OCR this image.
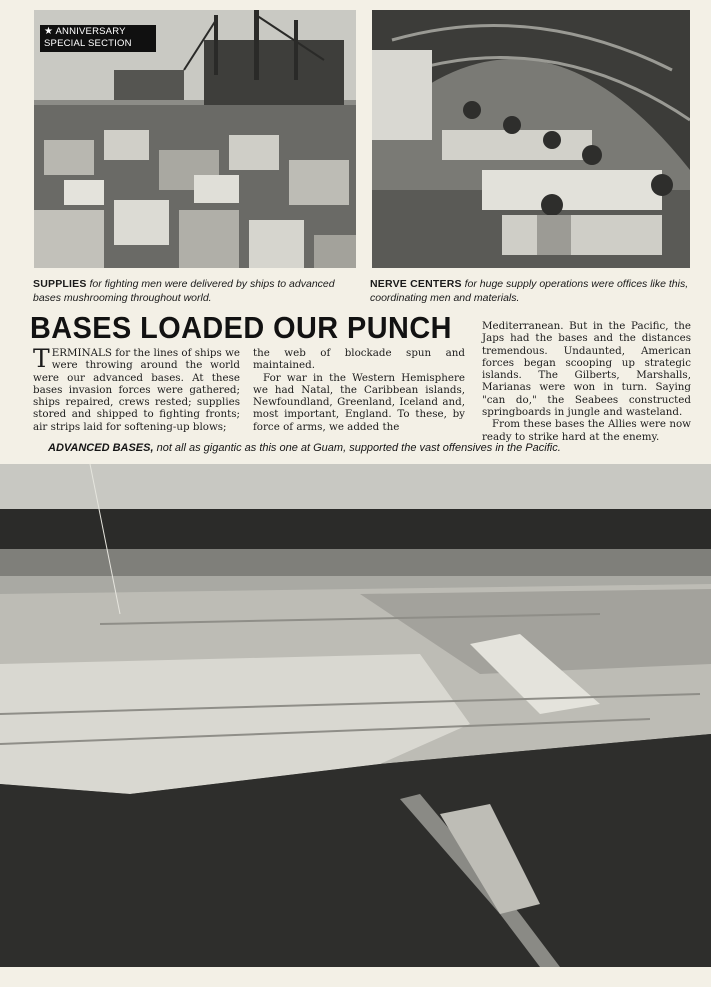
★ ANNIVERSARY
SPECIAL SECTION
SUPPLIES for fighting men were delivered by ships to advanced bases mushrooming throughout world.
NERVE CENTERS for huge supply operations were offices like this, coordinating men and materials.
BASES LOADED OUR PUNCH

TERMINALS for the lines of ships we were throwing around the world were our advanced bases. At these bases invasion forces were gathered; ships repaired, crews rested; supplies stored and shipped to fighting fronts; air strips laid for softening-up blows;

the web of blockade spun and maintained.

For war in the Western Hemisphere we had Natal, the Caribbean islands, Newfoundland, Greenland, Iceland and, most important, England. To these, by force of arms, we added the

Mediterranean. But in the Pacific, the Japs had the bases and the distances tremendous. Undaunted, American forces began scooping up strategic islands. The Gilberts, Marshalls, Marianas were won in turn. Saying "can do," the Seabees constructed springboards in jungle and wasteland.

From these bases the Allies were now ready to strike hard at the enemy.

ADVANCED BASES, not all as gigantic as this one at Guam, supported the vast offensives in the Pacific.
